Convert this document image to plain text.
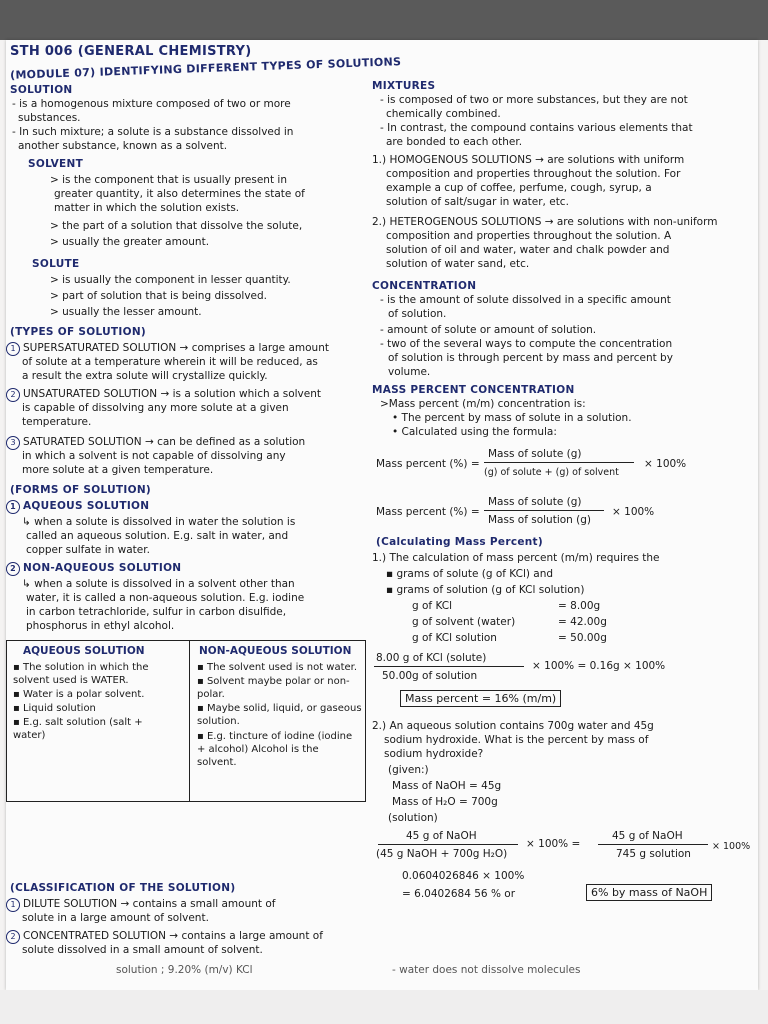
STH 006 (GENERAL CHEMISTRY)
(MODULE 07) IDENTIFYING DIFFERENT TYPES OF SOLUTIONS
SOLUTION
- is a homogenous mixture composed of two or more
substances.
- In such mixture; a solute is a substance dissolved in
another substance, known as a solvent.
SOLVENT
> is the component that is usually present in
greater quantity, it also determines the state of
matter in which the solution exists.
> the part of a solution that dissolve the solute,
> usually the greater amount.
SOLUTE
> is usually the component in lesser quantity.
> part of solution that is being dissolved.
> usually the lesser amount.
(TYPES OF SOLUTION)
1 SUPERSATURATED SOLUTION → comprises a large amount
of solute at a temperature wherein it will be reduced, as
a result the extra solute will crystallize quickly.
2 UNSATURATED SOLUTION → is a solution which a solvent
is capable of dissolving any more solute at a given
temperature.
3 SATURATED SOLUTION → can be defined as a solution
in which a solvent is not capable of dissolving any
more solute at a given temperature.
(FORMS OF SOLUTION)
1 AQUEOUS SOLUTION
↳ when a solute is dissolved in water the solution is
called an aqueous solution. E.g. salt in water, and
copper sulfate in water.
2 NON-AQUEOUS SOLUTION
↳ when a solute is dissolved in a solvent other than
water, it is called a non-aqueous solution. E.g. iodine
in carbon tetrachloride, sulfur in carbon disulfide,
phosphorus in ethyl alcohol.
AQUEOUS SOLUTION	NON-AQUEOUS SOLUTION
▪ The solution in which the
solvent used is WATER.
▪ Water is a polar solvent.
▪ Liquid solution
▪ E.g. salt solution (salt +
water)
▪ The solvent used is not water.
▪ Solvent maybe polar or non-
polar.
▪ Maybe solid, liquid, or gaseous
solution.
▪ E.g. tincture of iodine (iodine
+ alcohol) Alcohol is the
solvent.
(CLASSIFICATION OF THE SOLUTION)
1 DILUTE SOLUTION → contains a small amount of
solute in a large amount of solvent.
2 CONCENTRATED SOLUTION → contains a large amount of
solute dissolved in a small amount of solvent.
solution ; 9.20% (m/v) KCl
MIXTURES
- is composed of two or more substances, but they are not
chemically combined.
- In contrast, the compound contains various elements that
are bonded to each other.
1.) HOMOGENOUS SOLUTIONS → are solutions with uniform
composition and properties throughout the solution. For
example a cup of coffee, perfume, cough, syrup, a
solution of salt/sugar in water, etc.
2.) HETEROGENOUS SOLUTIONS → are solutions with non-uniform
composition and properties throughout the solution. A
solution of oil and water, water and chalk powder and
solution of water sand, etc.
CONCENTRATION
- is the amount of solute dissolved in a specific amount
of solution.
- amount of solute or amount of solution.
- two of the several ways to compute the concentration
of solution is through percent by mass and percent by
volume.
MASS PERCENT CONCENTRATION
>Mass percent (m/m) concentration is:
• The percent by mass of solute in a solution.
• Calculated using the formula:
Mass percent (%) =
Mass of solute (g)
(g) of solute + (g) of solvent
× 100%
Mass percent (%) =
Mass of solute (g)
Mass of solution (g)
× 100%
(Calculating Mass Percent)
1.) The calculation of mass percent (m/m) requires the
▪ grams of solute (g of KCl) and
▪ grams of solution (g of KCl solution)
g of KCl	= 8.00g
g of solvent (water)	= 42.00g
g of KCl solution	= 50.00g
8.00 g of KCl (solute)
50.00g of solution
× 100% = 0.16g × 100%
Mass percent = 16% (m/m)
2.) An aqueous solution contains 700g water and 45g
sodium hydroxide. What is the percent by mass of
sodium hydroxide?
(given:)
Mass of NaOH = 45g
Mass of H₂O = 700g
(solution)
45 g of NaOH
(45 g NaOH + 700g H₂O)
× 100% =
45 g of NaOH
745 g solution
× 100%
0.0604026846 × 100%
= 6.0402684 56 % or	6% by mass of NaOH
- water does not dissolve molecules
